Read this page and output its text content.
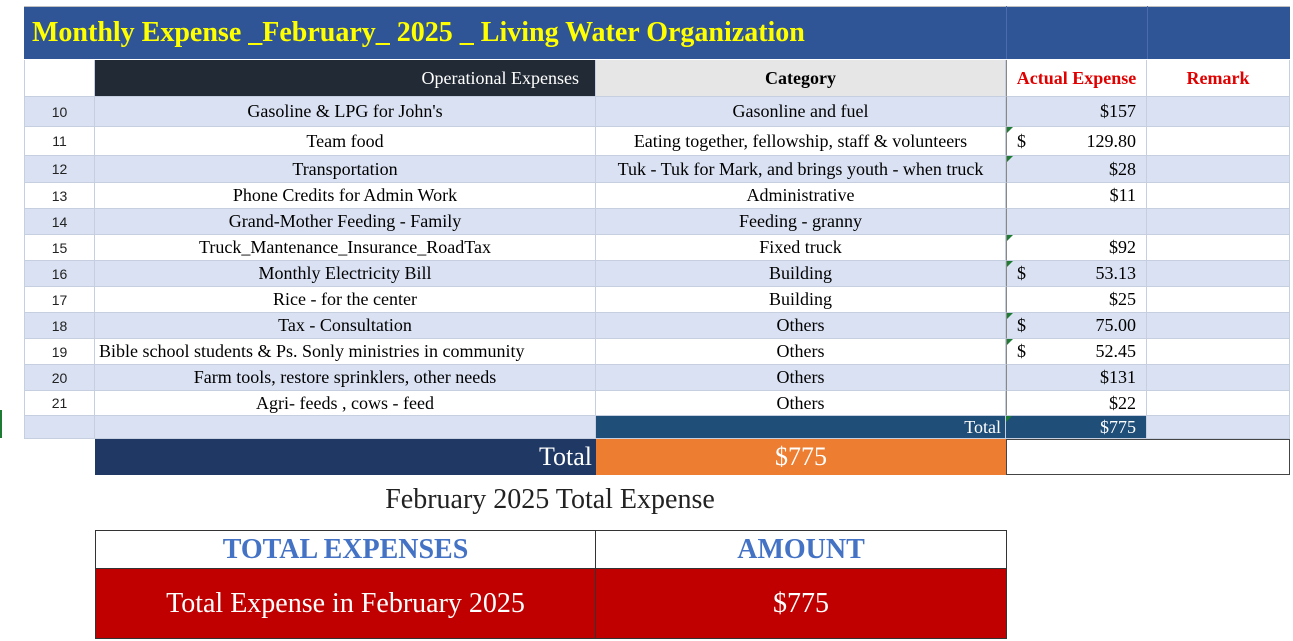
Monthly Expense _February_ 2025 _ Living Water Organization
Operational Expenses	Category	Actual Expense	Remark
10	Gasoline & LPG for John's	Gasonline and fuel	$157
11	Team food	Eating together, fellowship, staff & volunteers	$	129.80
12	Transportation	Tuk - Tuk for Mark, and brings youth - when truck	$28
13	Phone Credits for Admin Work	Administrative	$11
14	Grand-Mother Feeding - Family	Feeding - granny
15	Truck_Mantenance_Insurance_RoadTax	Fixed truck	$92
16	Monthly Electricity Bill	Building	$	53.13
17	Rice - for the center	Building	$25
18	Tax - Consultation	Others	$	75.00
19 Bible school students & Ps. Sonly ministries in community	Others	$	52.45
20	Farm tools, restore sprinklers, other needs	Others	$131
21	Agri- feeds , cows - feed	Others	$22
Total	$775
Total	$775
February 2025 Total Expense
TOTAL EXPENSES	AMOUNT
Total Expense in February 2025	$775
